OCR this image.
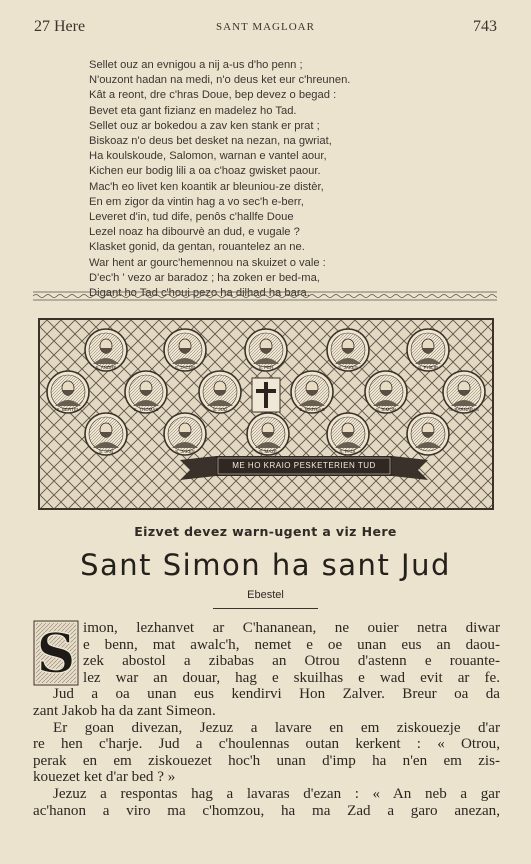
27 Here	SANT MAGLOAR	743
Sellet ouz an evnigou a nij a-us d'ho penn ;
N'ouzont hadan na medi, n'o deus ket eur c'hreunen.
Kât a reont, dre c'hras Doue, bep devez o begad :
Bevet eta gant fizianz en madelez ho Tad.
Sellet ouz ar bokedou a zav ken stank er prat ;
Biskoaz n'o deus bet desket na nezan, na gwriat,
Ha koulskoude, Salomon, warnan e vantel aour,
Kichen eur bodig lili a oa c'hoaz gwisket paour.
Mac'h eo livet ken koantik ar bleuniou-ze distèr,
En em zigor da vintin hag a vo sec'h e-berr,
Leveret d'in, tud dife, penôs c'hallfe Doue
Lezel noaz ha dibourvè an dud, e vugale ?
Klasket gonid, da gentan, rouantelez an ne.
War hent ar gourc'hemennou na skuizet o vale :
D'ec'h ' vezo ar baradoz ; ha zoken er bed-ma,
Digant ho Tad c'houi pezo ha dilhad ha bara.
S. ANDRE	S. JACOB	S. PER	S. JAKES	S. PHILIP
S. BERTEL	S. THOMAS	S. JUD	S. MATHIAS	S. SIMON	S. BARNABAS
S. JAN	S. JAKES	S. MAZE	S. PAOL
ME HO KRAIO PESKETERIEN TUD
Eizvet devez warn-ugent a viz Here
Sant Simon ha sant Jud
Ebestel
S imon, lezhanvet ar C'hananean, ne ouier netra diwar
e benn, mat awalc'h, nemet e oe unan eus an daou-
zek abostol a zibabas an Otrou d'astenn e rouante-
lez war an douar, hag e skuilhas e wad evit ar fe.
Jud a oa unan eus kendirvi Hon Zalver. Breur oa da
zant Jakob ha da zant Simeon.
Er goan divezan, Jezuz a lavare en em ziskouezje d'ar
re hen c'harje. Jud a c'houlennas outan kerkent : « Otrou,
perak en em ziskouezet hoc'h unan d'imp ha n'en em zis-
kouezet ket d'ar bed ? »
Jezuz a respontas hag a lavaras d'ezan : « An neb a gar
ac'hanon a viro ma c'homzou, ha ma Zad a garo anezan,
